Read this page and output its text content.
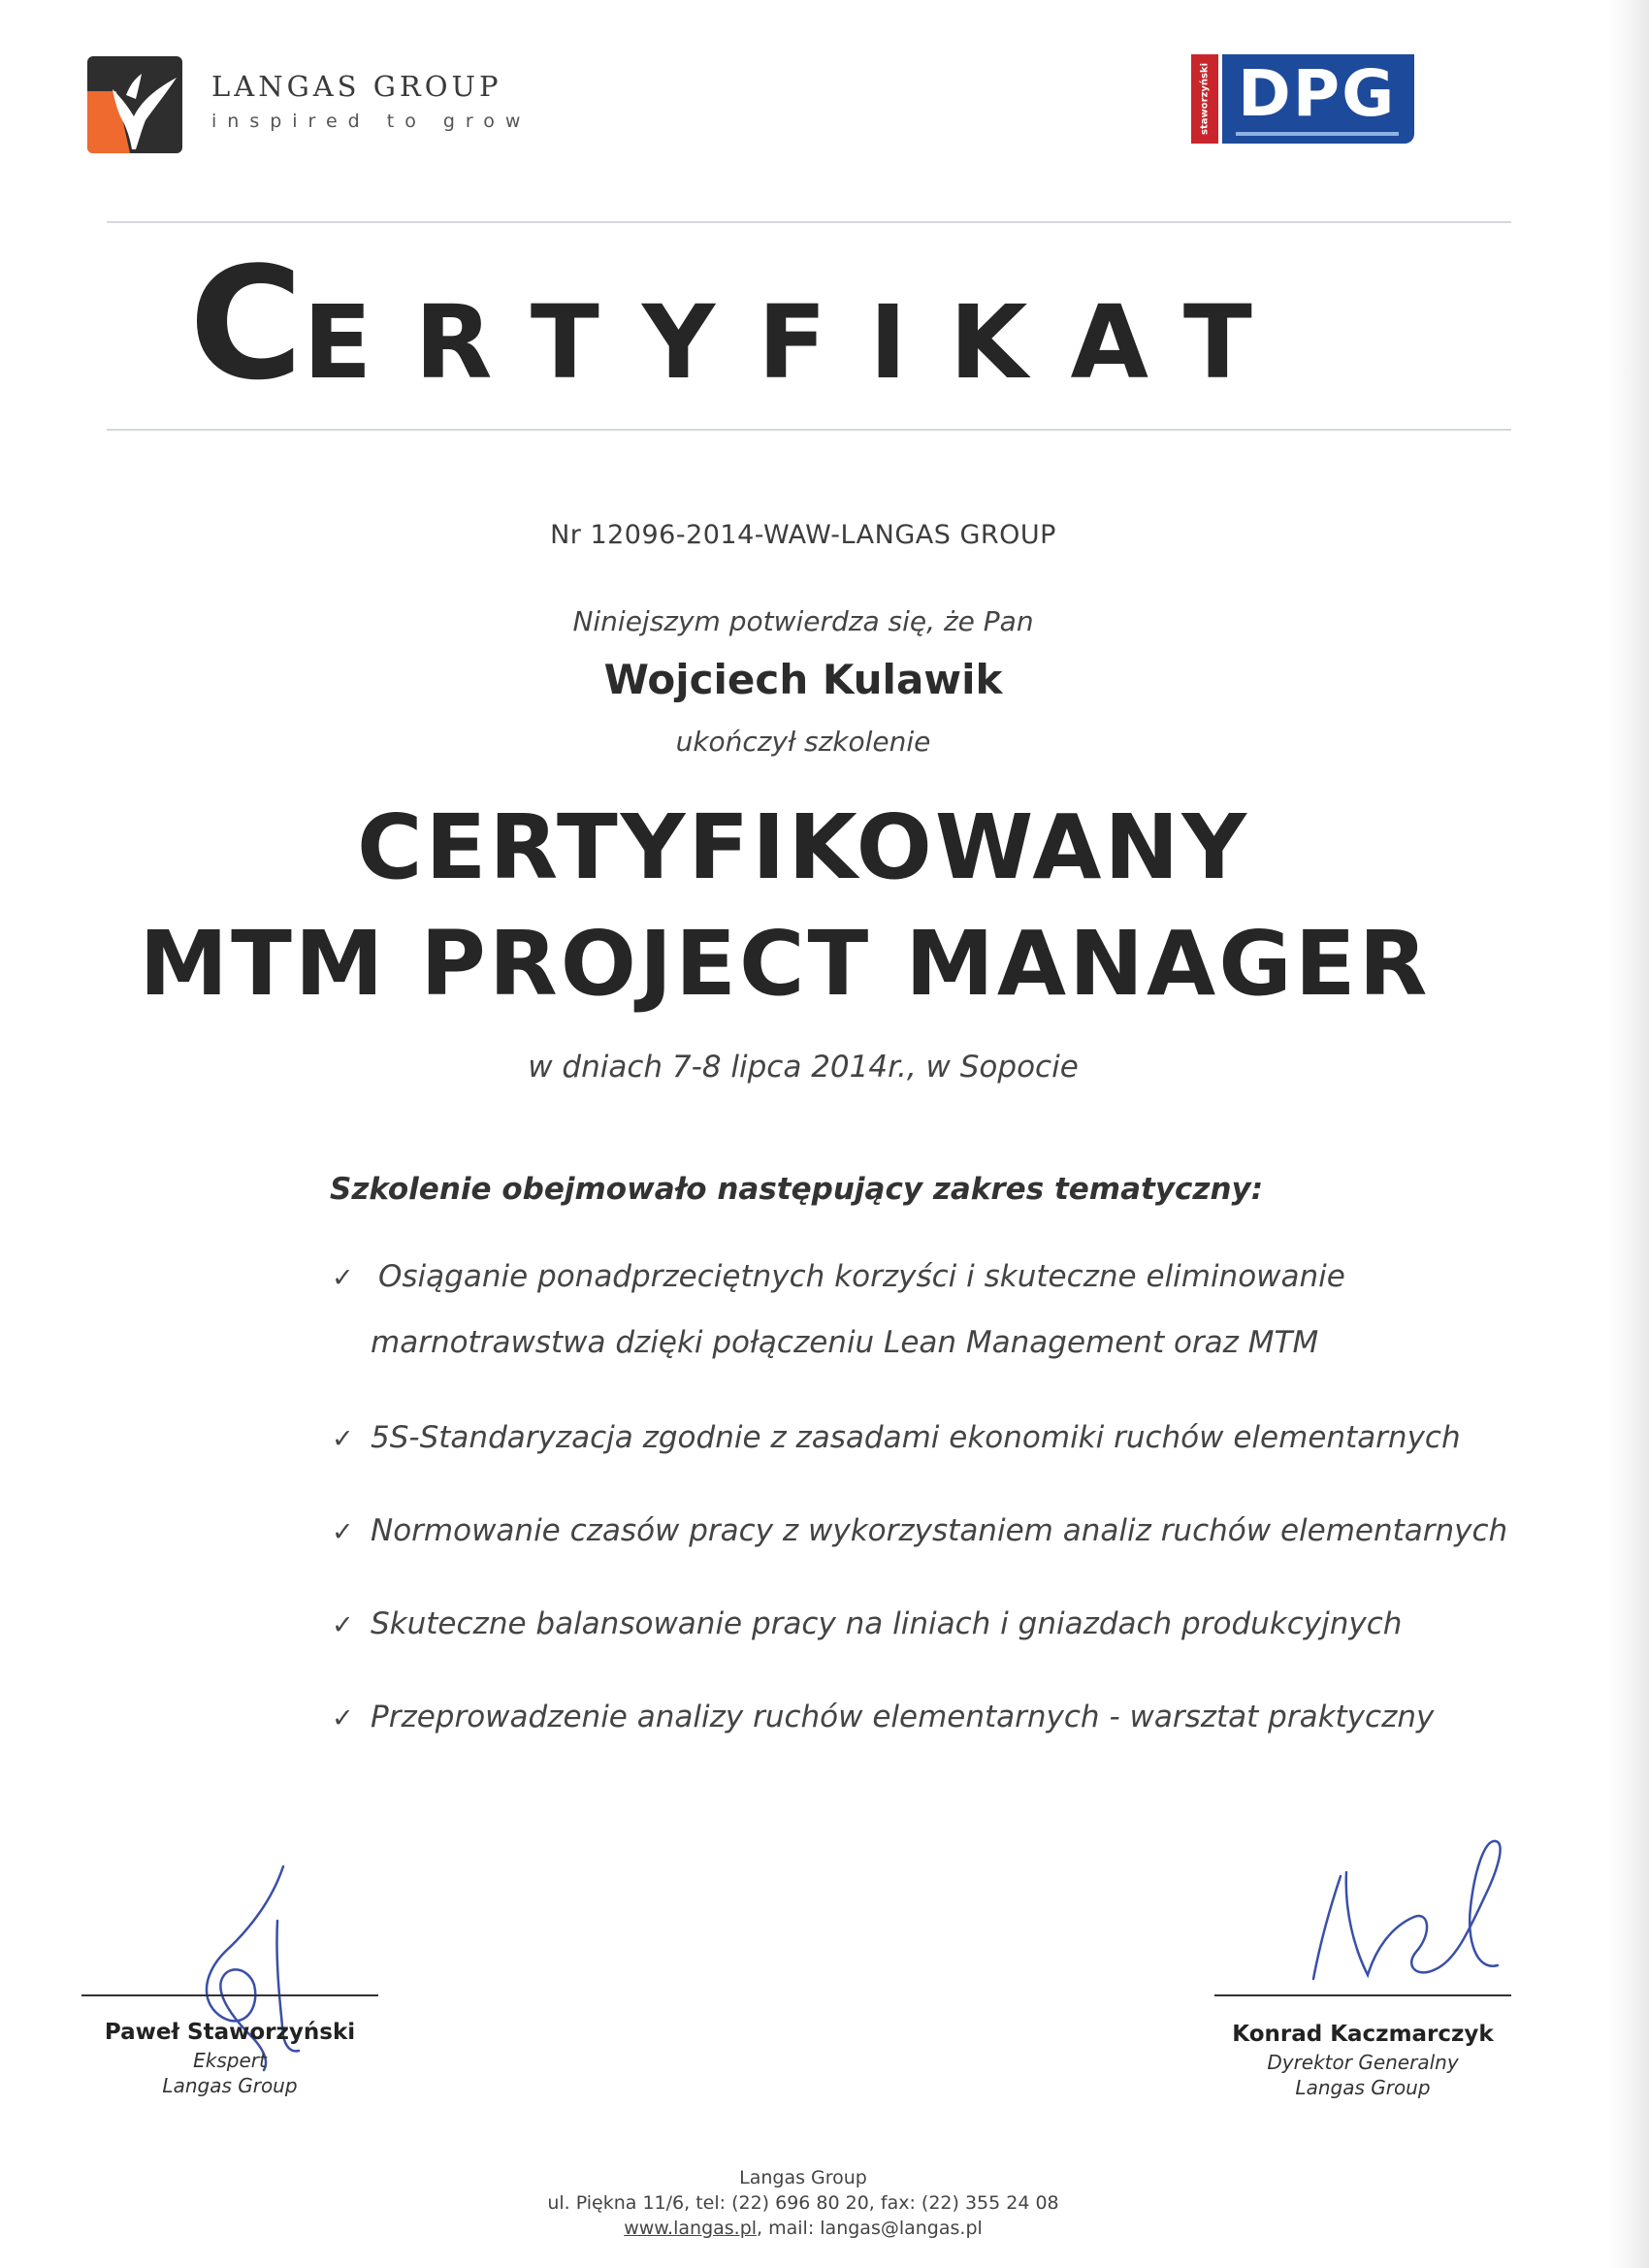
LANGAS GROUP
inspired to grow	staworzyński DPG
CERTYFIKAT
Nr 12096-2014-WAW-LANGAS GROUP
Niniejszym potwierdza się, że Pan
Wojciech Kulawik
ukończył szkolenie
CERTYFIKOWANY
MTM PROJECT MANAGER
w dniach 7-8 lipca 2014r., w Sopocie
Szkolenie obejmowało następujący zakres tematyczny:
✓ Osiąganie ponadprzeciętnych korzyści i skuteczne eliminowanie
marnotrawstwa dzięki połączeniu Lean Management oraz MTM
✓ 5S-Standaryzacja zgodnie z zasadami ekonomiki ruchów elementarnych
✓ Normowanie czasów pracy z wykorzystaniem analiz ruchów elementarnych
✓ Skuteczne balansowanie pracy na liniach i gniazdach produkcyjnych
✓ Przeprowadzenie analizy ruchów elementarnych - warsztat praktyczny
Paweł Staworzyński
Ekspert
Langas Group
Konrad Kaczmarczyk
Dyrektor Generalny
Langas Group
Langas Group
ul. Piękna 11/6, tel: (22) 696 80 20, fax: (22) 355 24 08
www.langas.pl, mail: langas@langas.pl
